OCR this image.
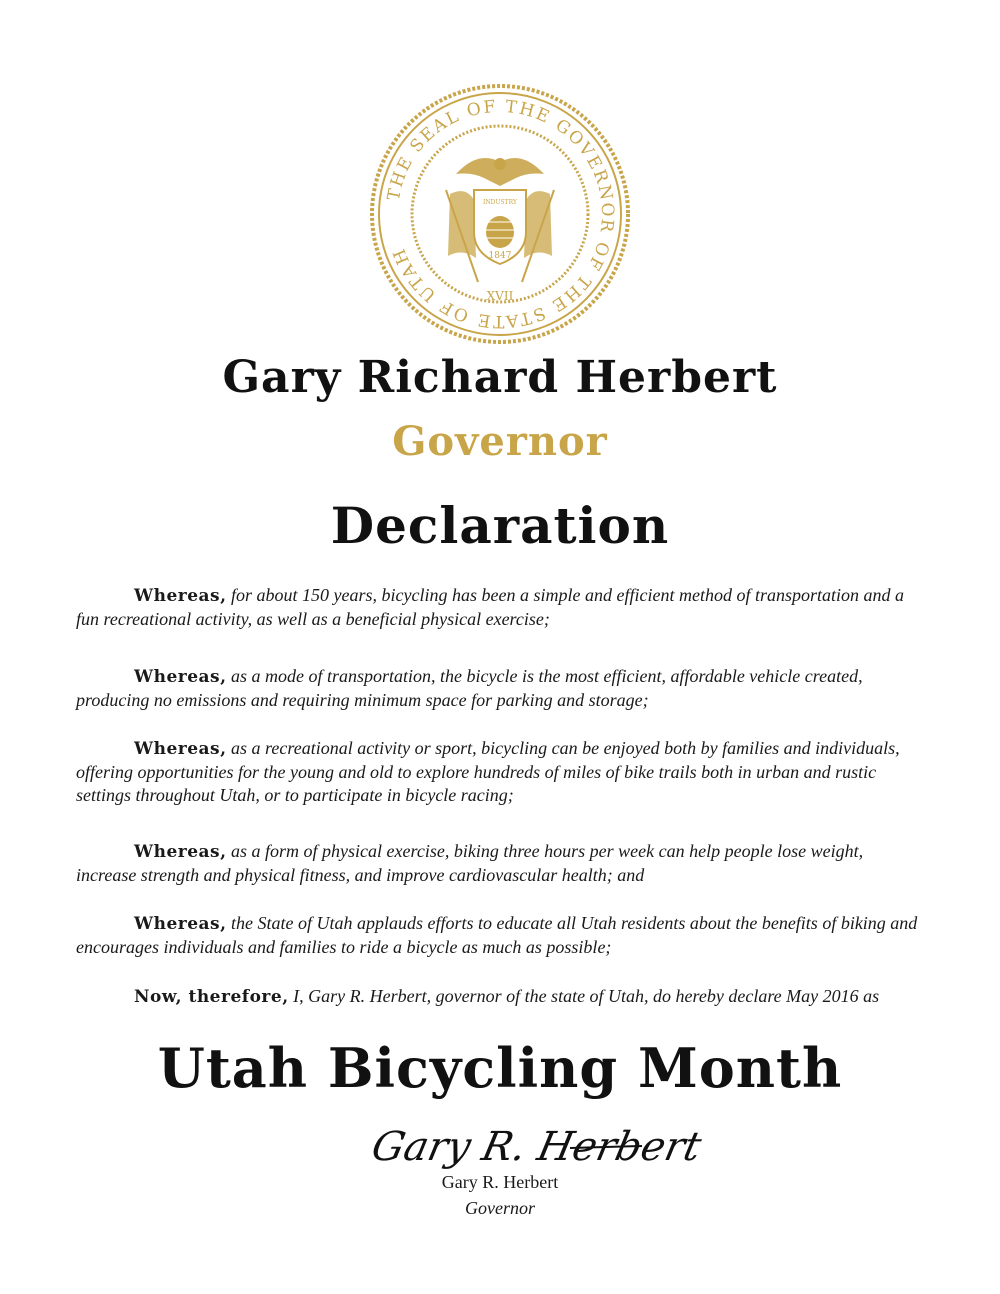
THE SEAL OF THE GOVERNOR OF THE STATE OF UTAH
INDUSTRY
1847
XVII
Gary Richard Herbert
Governor
Declaration
Whereas, for about 150 years, bicycling has been a simple and efficient method of transportation and a fun recreational activity, as well as a beneficial physical exercise;
Whereas, as a mode of transportation, the bicycle is the most efficient, affordable vehicle created, producing no emissions and requiring minimum space for parking and storage;
Whereas, as a recreational activity or sport, bicycling can be enjoyed both by families and individuals, offering opportunities for the young and old to explore hundreds of miles of bike trails both in urban and rustic settings throughout Utah, or to participate in bicycle racing;
Whereas, as a form of physical exercise, biking three hours per week can help people lose weight, increase strength and physical fitness, and improve cardiovascular health; and
Whereas, the State of Utah applauds efforts to educate all Utah residents about the benefits of biking and encourages individuals and families to ride a bicycle as much as possible;
Now, therefore, I, Gary R. Herbert, governor of the state of Utah, do hereby declare May 2016 as
Utah Bicycling Month
Gary R. Herbert
Gary R. Herbert
Governor
